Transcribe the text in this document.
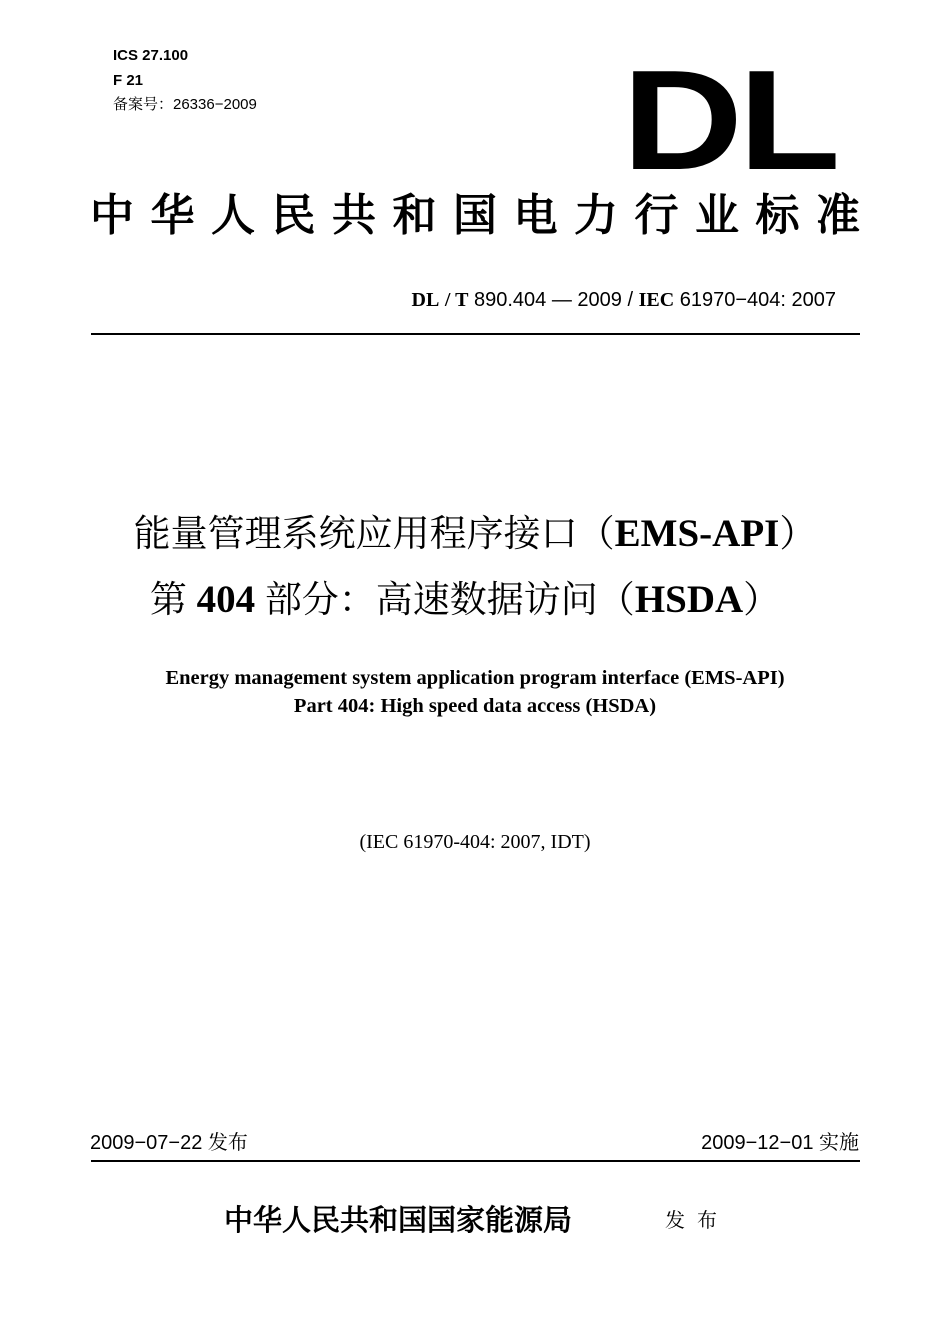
ICS 27.100
F 21
备案号：26336−2009	DL
中华人民共和国电力行业标准
DL / T 890.404 — 2009 / IEC 61970−404: 2007
能量管理系统应用程序接口（EMS-API）
第 404 部分：高速数据访问（HSDA）
Energy management system application program interface (EMS-API)
Part 404: High speed data access (HSDA)
(IEC 61970-404: 2007, IDT)
2009−07−22 发布	2009−12−01 实施
中华人民共和国国家能源局	发布
